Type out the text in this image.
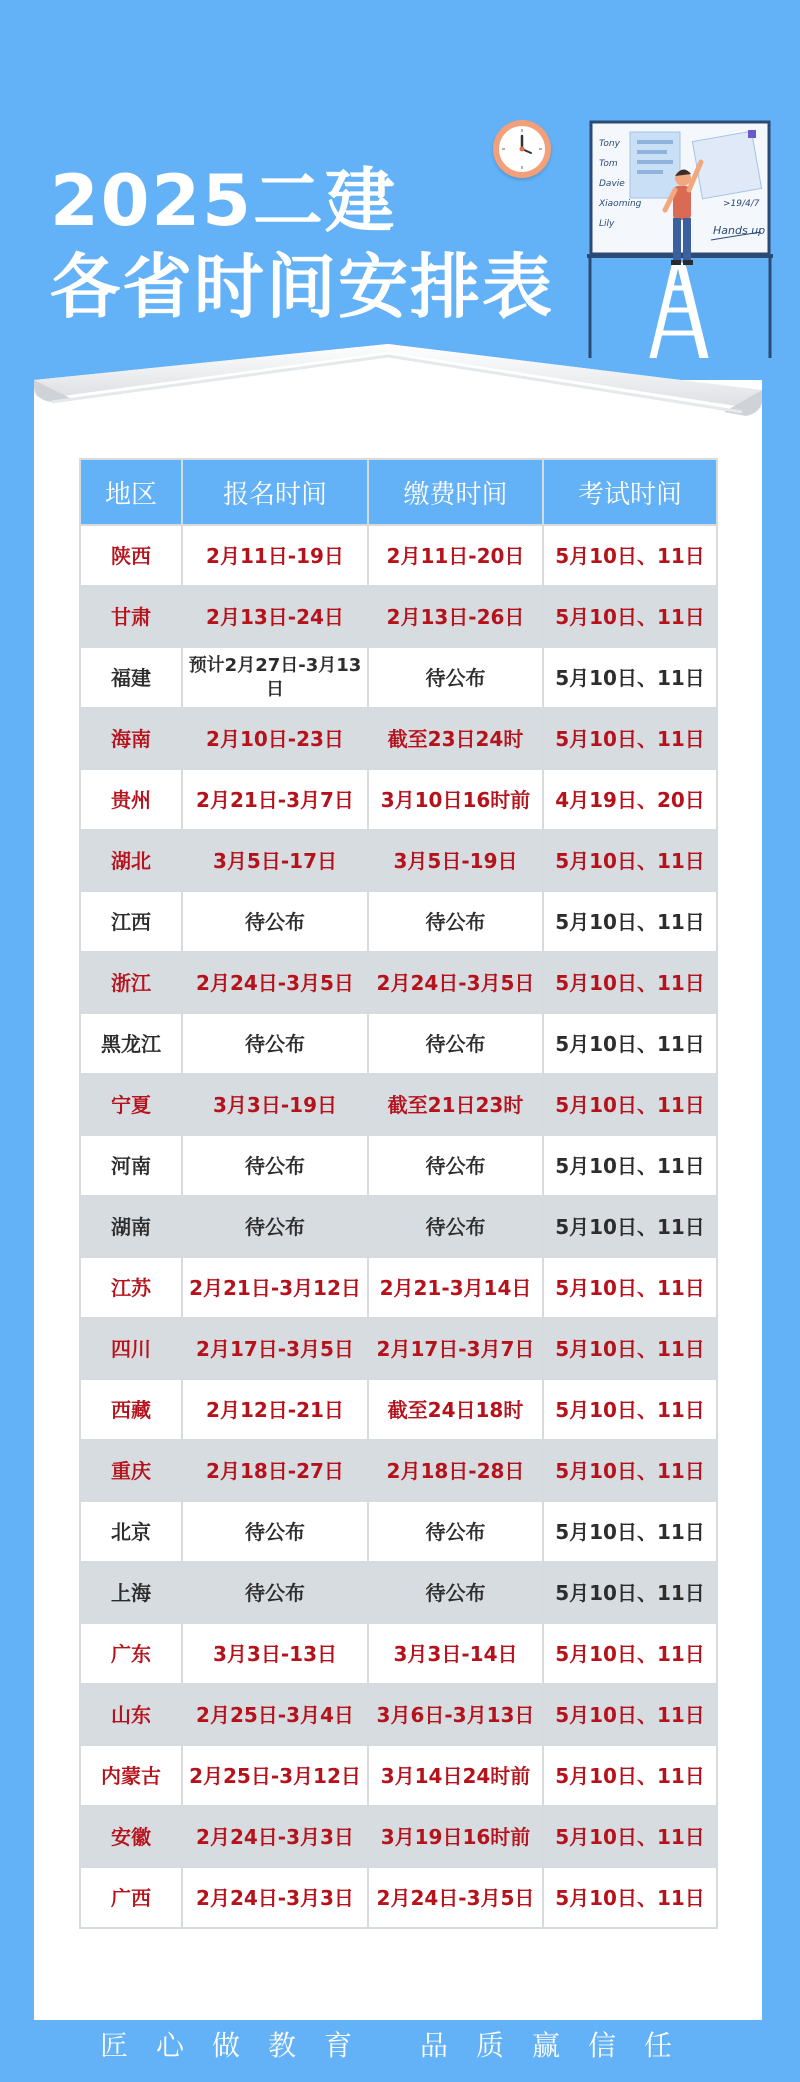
2025二建
各省时间安排表
Tony
Tom
Davie
Xiaoming
Lily
>19/4/7
Hands up
地区	报名时间	缴费时间	考试时间
陕西	2月11日-19日	2月11日-20日	5月10日、11日
甘肃	2月13日-24日	2月13日-26日	5月10日、11日
福建	预计2月27日-3月13日	待公布	5月10日、11日
海南	2月10日-23日	截至23日24时	5月10日、11日
贵州	2月21日-3月7日	3月10日16时前	4月19日、20日
湖北	3月5日-17日	3月5日-19日	5月10日、11日
江西	待公布	待公布	5月10日、11日
浙江	2月24日-3月5日	2月24日-3月5日	5月10日、11日
黑龙江	待公布	待公布	5月10日、11日
宁夏	3月3日-19日	截至21日23时	5月10日、11日
河南	待公布	待公布	5月10日、11日
湖南	待公布	待公布	5月10日、11日
江苏	2月21日-3月12日	2月21-3月14日	5月10日、11日
四川	2月17日-3月5日	2月17日-3月7日	5月10日、11日
西藏	2月12日-21日	截至24日18时	5月10日、11日
重庆	2月18日-27日	2月18日-28日	5月10日、11日
北京	待公布	待公布	5月10日、11日
上海	待公布	待公布	5月10日、11日
广东	3月3日-13日	3月3日-14日	5月10日、11日
山东	2月25日-3月4日	3月6日-3月13日	5月10日、11日
内蒙古	2月25日-3月12日	3月14日24时前	5月10日、11日
安徽	2月24日-3月3日	3月19日16时前	5月10日、11日
广西	2月24日-3月3日	2月24日-3月5日	5月10日、11日
匠心做教育 品质赢信任
